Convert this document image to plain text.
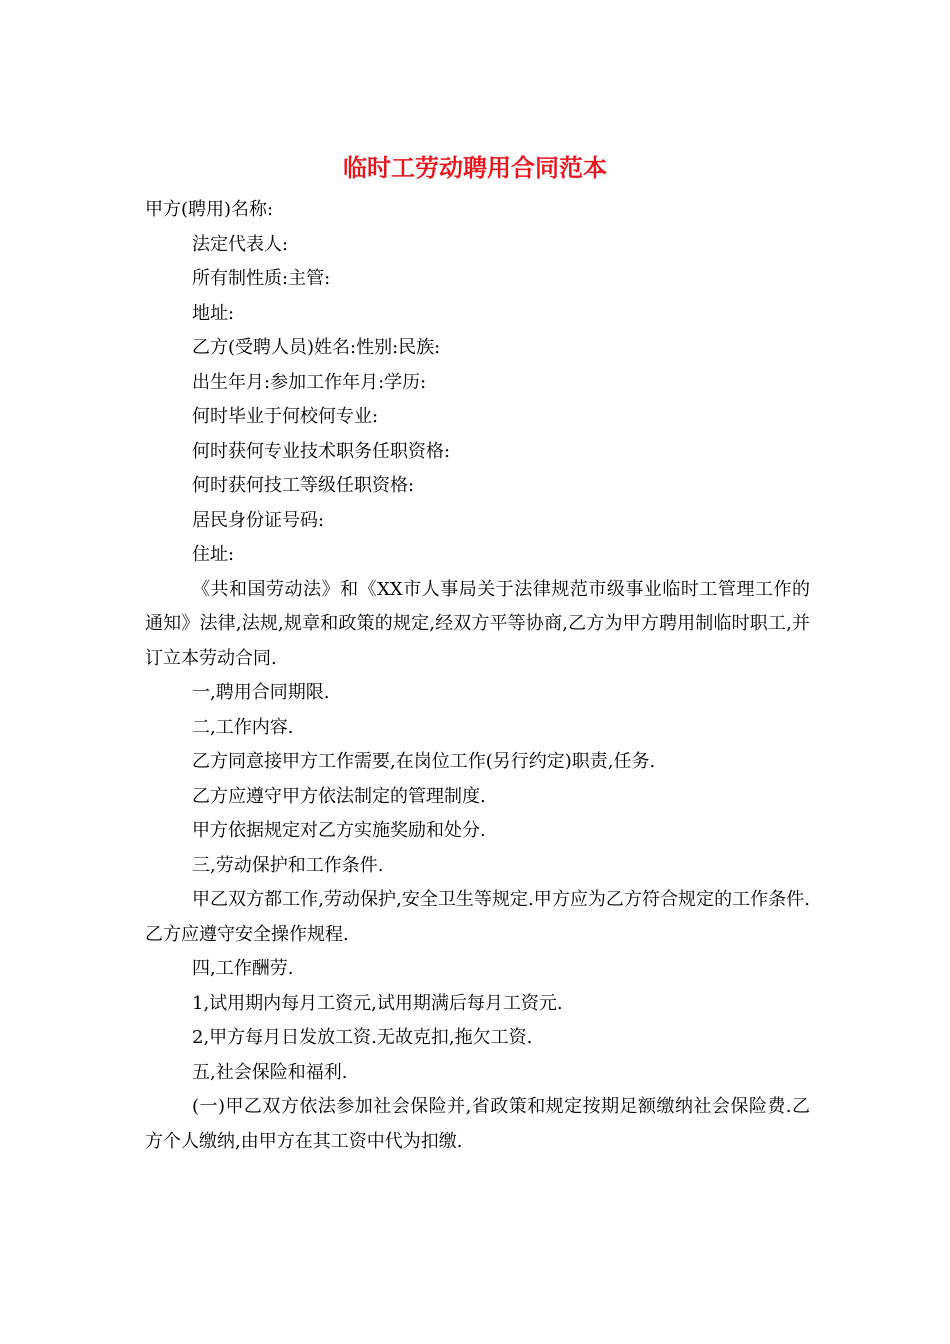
临时工劳动聘用合同范本
甲方(聘用)名称:
法定代表人:
所有制性质:主管:
地址:
乙方(受聘人员)姓名:性别:民族:
出生年月:参加工作年月:学历:
何时毕业于何校何专业:
何时获何专业技术职务任职资格:
何时获何技工等级任职资格:
居民身份证号码:
住址:

《共和国劳动法》和《XX市人事局关于法律规范市级事业临时工管理工作的通知》法律,法规,规章和政策的规定,经双方平等协商,乙方为甲方聘用制临时职工,并订立本劳动合同.

一,聘用合同期限.
二,工作内容.
乙方同意接甲方工作需要,在岗位工作(另行约定)职责,任务.
乙方应遵守甲方依法制定的管理制度.
甲方依据规定对乙方实施奖励和处分.
三,劳动保护和工作条件.

甲乙双方都工作,劳动保护,安全卫生等规定.甲方应为乙方符合规定的工作条件.乙方应遵守安全操作规程.

四,工作酬劳.
1,试用期内每月工资元,试用期满后每月工资元.
2,甲方每月日发放工资.无故克扣,拖欠工资.
五,社会保险和福利.

(一)甲乙双方依法参加社会保险并,省政策和规定按期足额缴纳社会保险费.乙方个人缴纳,由甲方在其工资中代为扣缴.
